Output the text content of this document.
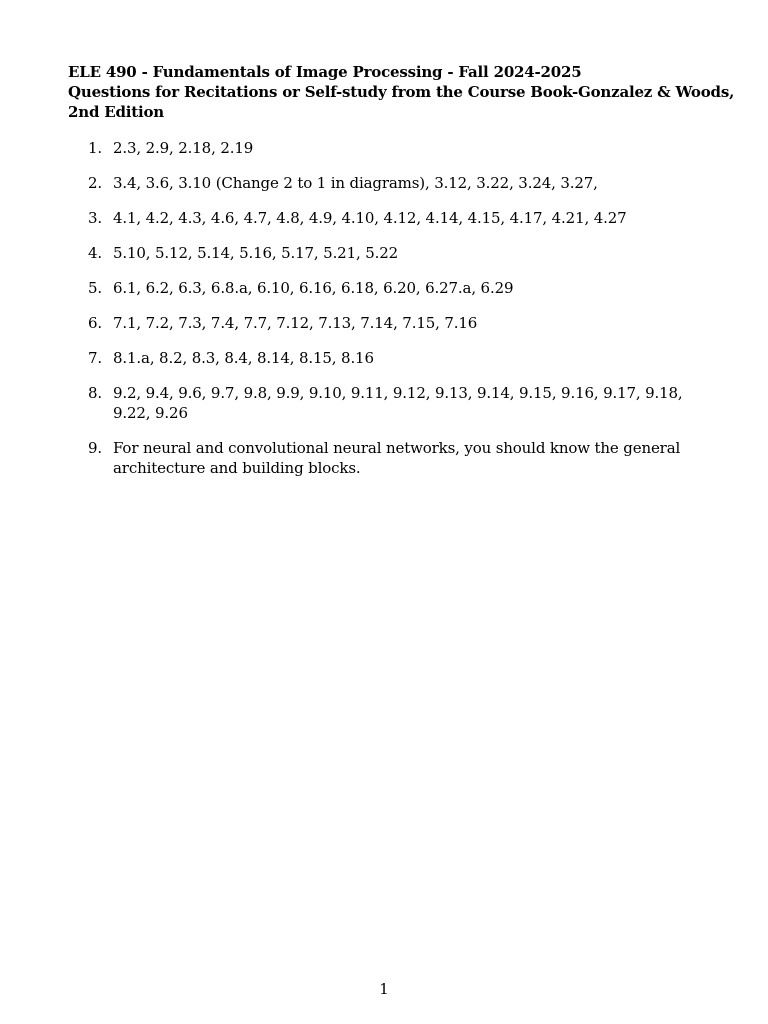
ELE 490 - Fundamentals of Image Processing - Fall 2024-2025
Questions for Recitations or Self-study from the Course Book-Gonzalez & Woods,
2nd Edition
1. 2.3, 2.9, 2.18, 2.19
2. 3.4, 3.6, 3.10 (Change 2 to 1 in diagrams), 3.12, 3.22, 3.24, 3.27,
3. 4.1, 4.2, 4.3, 4.6, 4.7, 4.8, 4.9, 4.10, 4.12, 4.14, 4.15, 4.17, 4.21, 4.27
4. 5.10, 5.12, 5.14, 5.16, 5.17, 5.21, 5.22
5. 6.1, 6.2, 6.3, 6.8.a, 6.10, 6.16, 6.18, 6.20, 6.27.a, 6.29
6. 7.1, 7.2, 7.3, 7.4, 7.7, 7.12, 7.13, 7.14, 7.15, 7.16
7. 8.1.a, 8.2, 8.3, 8.4, 8.14, 8.15, 8.16
8. 9.2, 9.4, 9.6, 9.7, 9.8, 9.9, 9.10, 9.11, 9.12, 9.13, 9.14, 9.15, 9.16, 9.17, 9.18, 9.22, 9.26
9. For neural and convolutional neural networks, you should know the general architecture and building blocks.
1
